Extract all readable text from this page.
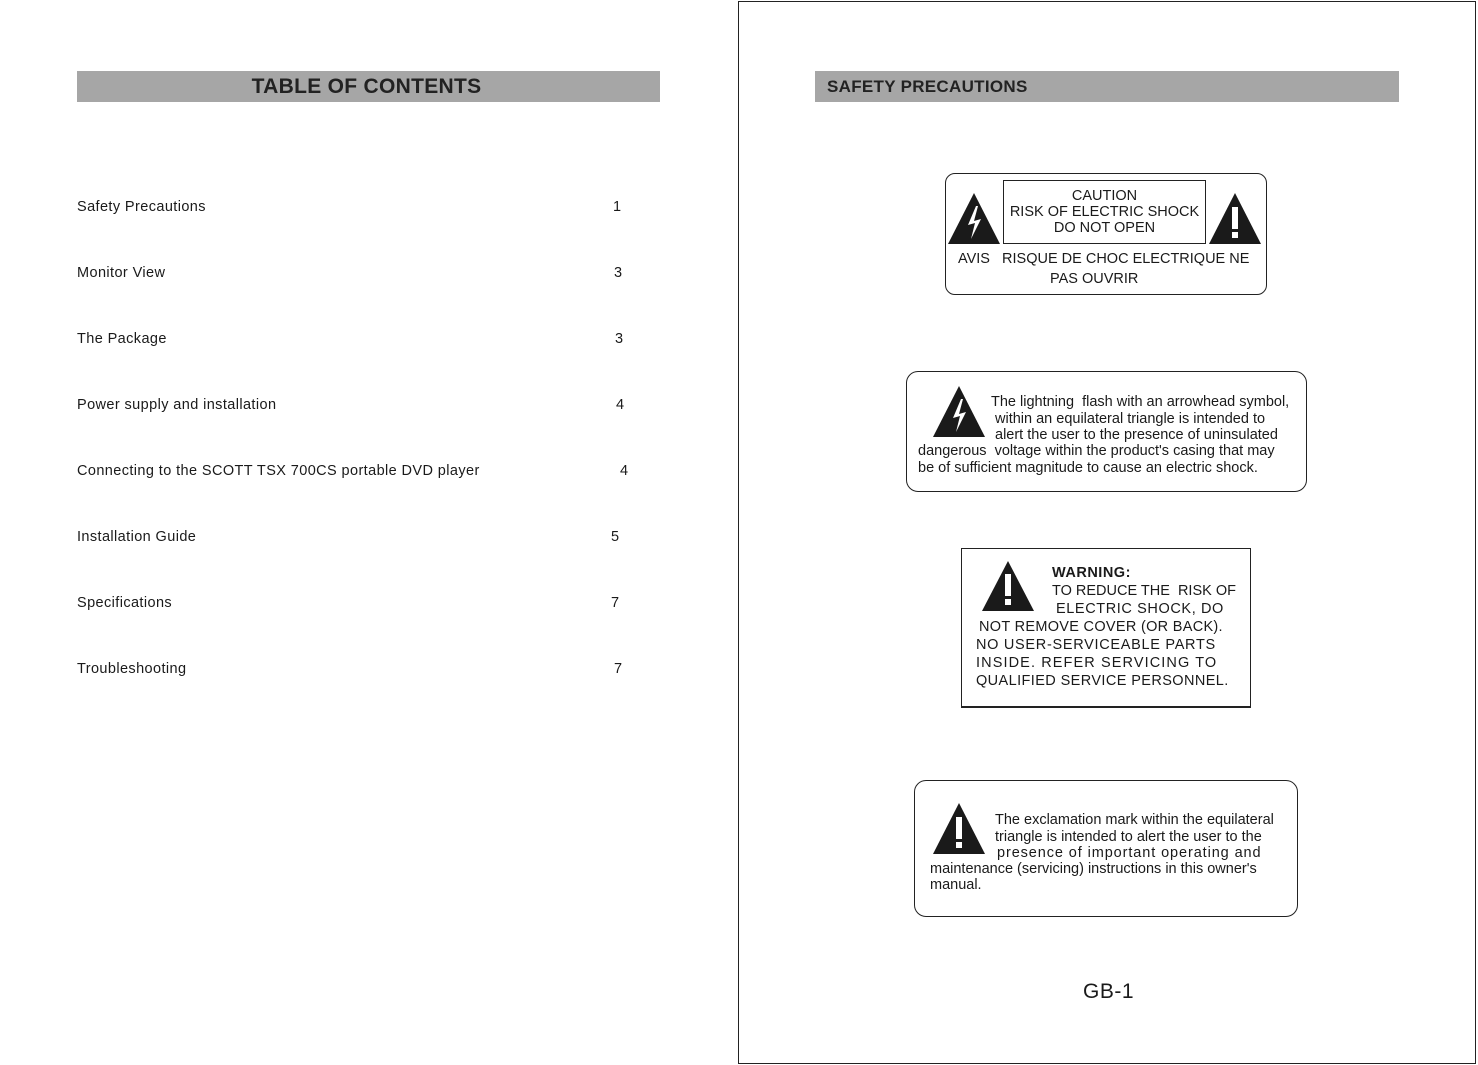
TABLE OF CONTENTS
Safety Precautions	1
Monitor View	3
The Package	3
Power supply and installation	4
Connecting to the SCOTT TSX 700CS portable DVD player	4
Installation Guide	5
Specifications	7
Troubleshooting	7
SAFETY PRECAUTIONS
CAUTION
RISK OF ELECTRIC SHOCK
DO NOT OPEN
AVIS   RISQUE DE CHOC ELECTRIQUE NE
PAS OUVRIR
The lightning  flash with an arrowhead symbol,
within an equilateral triangle is intended to
alert the user to the presence of uninsulated
dangerous  voltage within the product's casing that may
be of sufficient magnitude to cause an electric shock.
WARNING:
TO REDUCE THE  RISK OF
ELECTRIC SHOCK, DO
NOT REMOVE COVER (OR BACK).
NO USER-SERVICEABLE PARTS
INSIDE. REFER SERVICING TO
QUALIFIED SERVICE PERSONNEL.
The exclamation mark within the equilateral
triangle is intended to alert the user to the
presence of important operating and
maintenance (servicing) instructions in this owner's
manual.
GB-1
